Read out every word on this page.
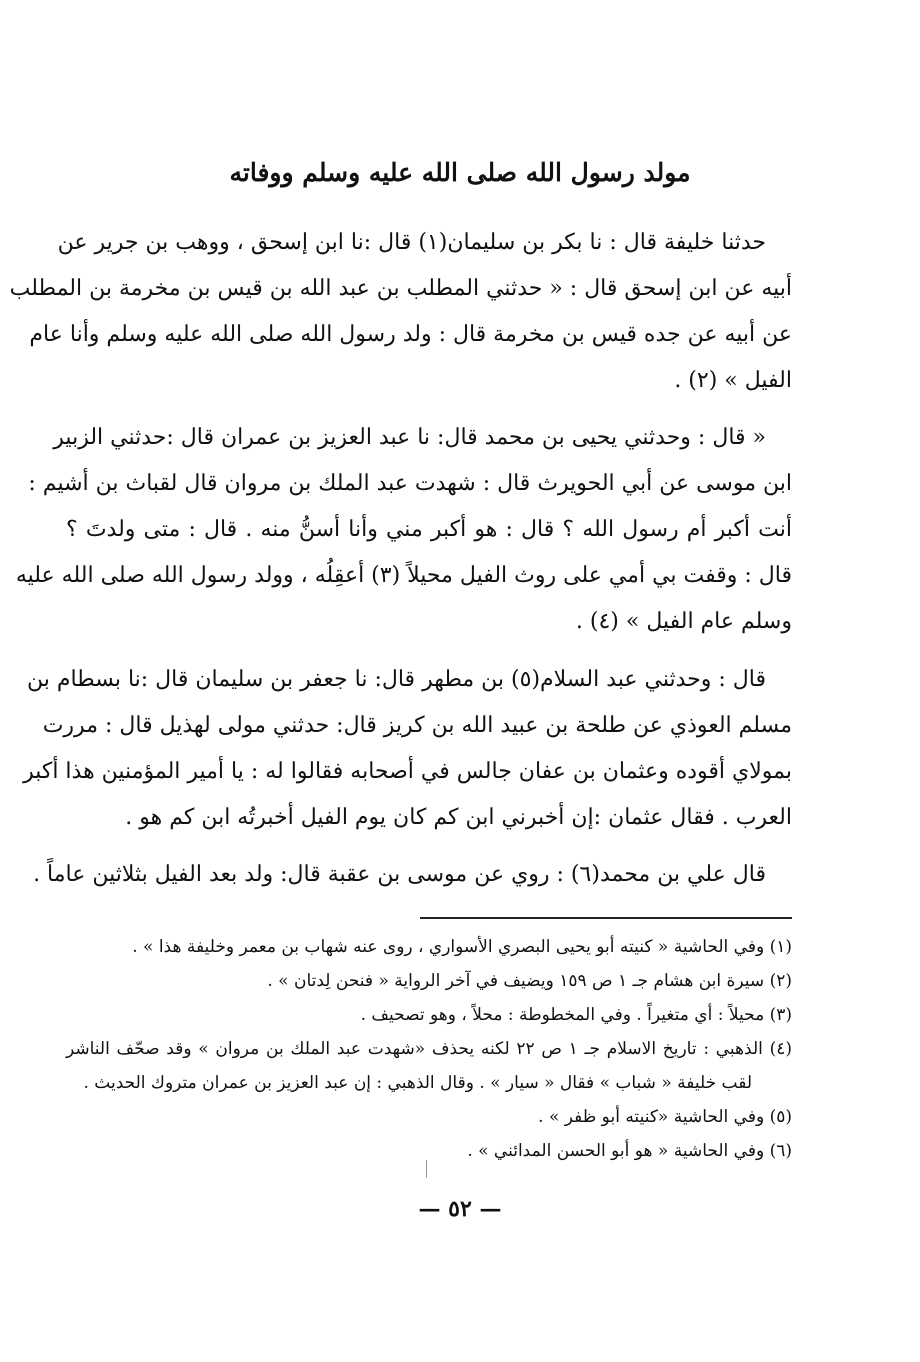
مولد رسول الله صلى الله عليه وسلم ووفاته
حدثنا خليفة قال : نا بكر بن سليمان(١) قال :نا ابن إسحق ، ووهب بن جرير عن
أبيه عن ابن إسحق قال : « حدثني المطلب بن عبد الله بن قيس بن مخرمة بن المطلب
عن أبيه عن جده قيس بن مخرمة قال : ولد رسول الله صلى الله عليه وسلم وأنا عام
الفيل » (٢) .
« قال : وحدثني يحيى بن محمد قال: نا عبد العزيز بن عمران قال :حدثني الزبير
ابن موسى عن أبي الحويرث قال : شهدت عبد الملك بن مروان قال لقباث بن أشيم :
أنت أكبر أم رسول الله ؟ قال : هو أكبر مني وأنا أسنُّ منه . قال : متى ولدتَ ؟
قال : وقفت بي أمي على روث الفيل محيلاً (٣) أعقِلُه ، وولد رسول الله صلى الله عليه
وسلم عام الفيل » (٤) .
قال : وحدثني عبد السلام(٥) بن مطهر قال: نا جعفر بن سليمان قال :نا بسطام بن
مسلم العوذي عن طلحة بن عبيد الله بن كريز قال: حدثني مولى لهذيل قال : مررت
بمولاي أقوده وعثمان بن عفان جالس في أصحابه فقالوا له : يا أمير المؤمنين هذا أكبر
العرب . فقال عثمان :إن أخبرني ابن كم كان يوم الفيل أخبرتُه ابن كم هو .
قال علي بن محمد(٦) : روي عن موسى بن عقبة قال: ولد بعد الفيل بثلاثين عاماً .
(١) وفي الحاشية « كنيته أبو يحيى البصري الأسواري ، روى عنه شهاب بن معمر وخليفة هذا » .
(٢) سيرة ابن هشام جـ ١ ص ١٥٩ ويضيف في آخر الرواية « فنحن لِدتان » .
(٣) محيلاً : أي متغيراً . وفي المخطوطة : محلاً ، وهو تصحيف .
(٤) الذهبي : تاريخ الاسلام جـ ١ ص ٢٢ لكنه يحذف «شهدت عبد الملك بن مروان » وقد صحّف الناشر
لقب خليفة « شباب » فقال « سيار » . وقال الذهبي : إن عبد العزيز بن عمران متروك الحديث .
(٥) وفي الحاشية «كنيته أبو ظفر » .
(٦) وفي الحاشية « هو أبو الحسن المدائني » .
— ٥٢ —
